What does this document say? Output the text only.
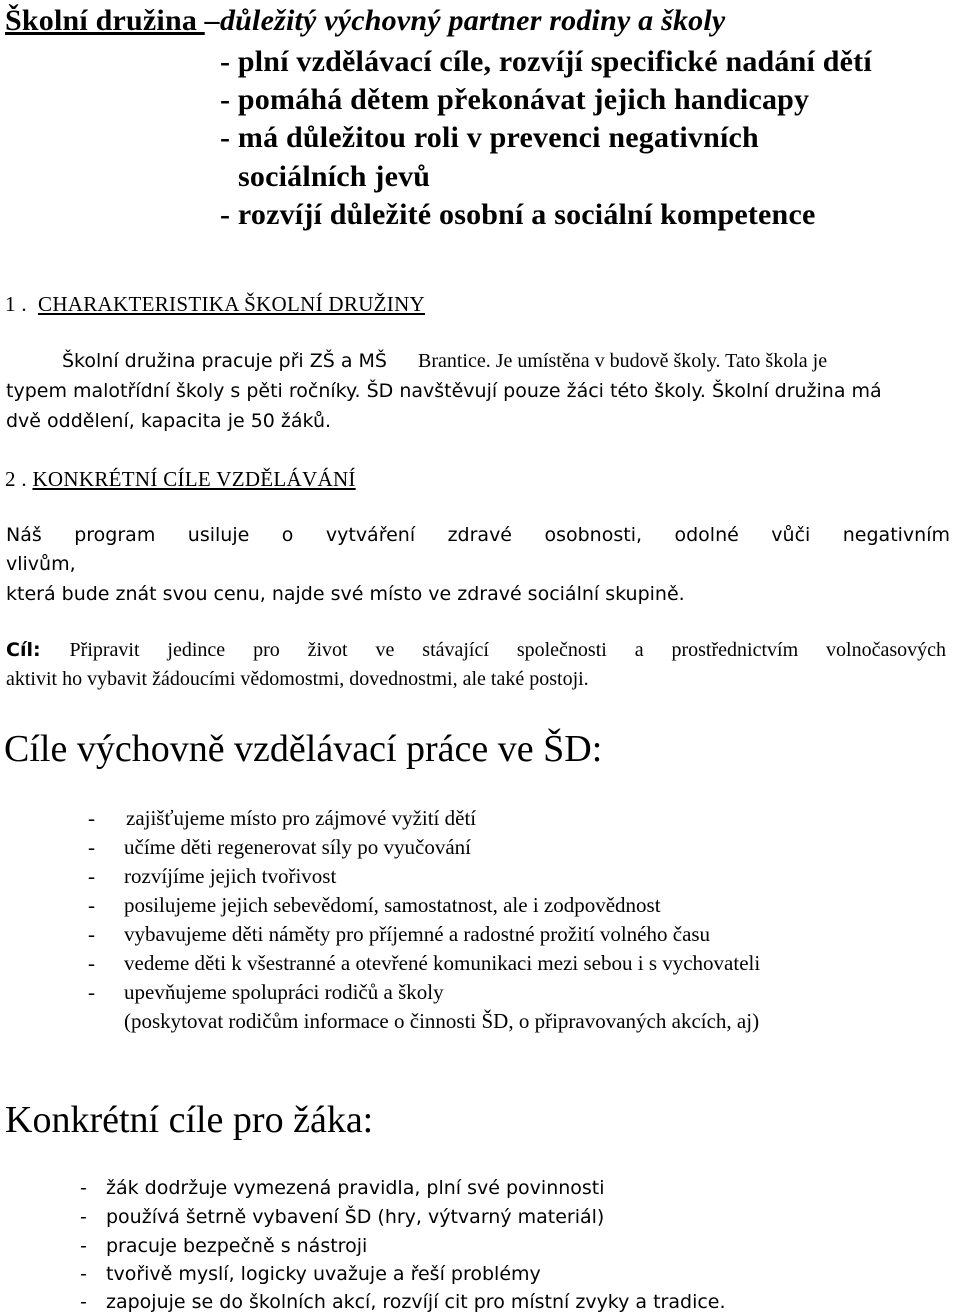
Školní družina –důležitý výchovný partner rodiny a školy
- plní vzdělávací cíle, rozvíjí specifické nadání dětí
- pomáhá dětem překonávat jejich handicapy
- má důležitou roli v prevenci negativních
sociálních jevů
- rozvíjí důležité osobní a sociální kompetence
1 . CHARAKTERISTIKA ŠKOLNÍ DRUŽINY
Školní družina pracuje při ZŠ a MŠ Brantice. Je umístěna v budově školy. Tato škola je
typem malotřídní školy s pěti ročníky. ŠD navštěvují pouze žáci této školy. Školní družina má
dvě oddělení, kapacita je 50 žáků.
2 . KONKRÉTNÍ CÍLE VZDĚLÁVÁNÍ
Náš program usiluje o vytváření zdravé osobnosti, odolné vůči negativním
vlivům,
která bude znát svou cenu, najde své místo ve zdravé sociální skupině.
Cíl: Připravit jedince pro život ve stávající společnosti a prostřednictvím volnočasových
aktivit ho vybavit žádoucími vědomostmi, dovednostmi, ale také postoji.
Cíle výchovně vzdělávací práce ve ŠD:
- zajišťujeme místo pro zájmové vyžití dětí
- učíme děti regenerovat síly po vyučování
- rozvíjíme jejich tvořivost
- posilujeme jejich sebevědomí, samostatnost, ale i zodpovědnost
- vybavujeme děti náměty pro příjemné a radostné prožití volného času
- vedeme děti k všestranné a otevřené komunikaci mezi sebou i s vychovateli
- upevňujeme spolupráci rodičů a školy
(poskytovat rodičům informace o činnosti ŠD, o připravovaných akcích, aj)
Konkrétní cíle pro žáka:
- žák dodržuje vymezená pravidla, plní své povinnosti
- používá šetrně vybavení ŠD (hry, výtvarný materiál)
- pracuje bezpečně s nástroji
- tvořivě myslí, logicky uvažuje a řeší problémy
- zapojuje se do školních akcí, rozvíjí cit pro místní zvyky a tradice.
